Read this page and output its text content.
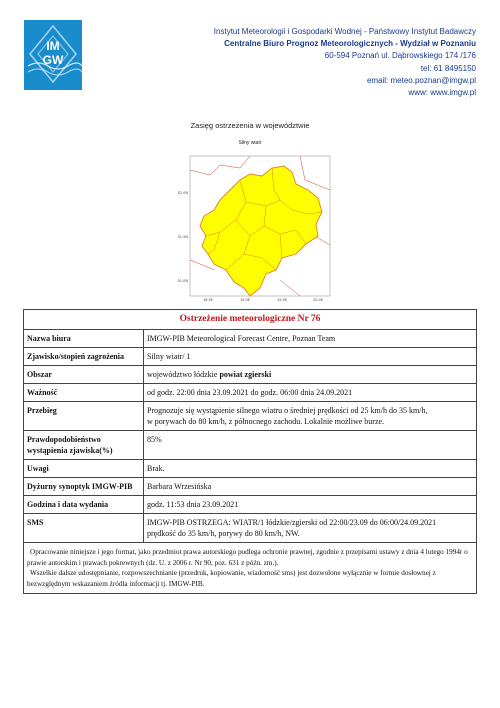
IM
GW
Instytut Meteorologii i Gospodarki Wodnej - Państwowy Instytut Badawczy
Centralne Biuro Prognoz Meteorologicznych - Wydział w Poznaniu
60-594 Poznań ul. Dąbrowskiego 174 /176
tel: 61 8495150
email: meteo.poznan@imgw.pl
www: www.imgw.pl
Zasięg ostrzeżenia w województwie
Silny wiatr
52.0N
51.5N
51.0N
18.5E	19.0E	19.5E	20.0E
Ostrzeżenie meteorologiczne Nr 76	
Nazwa biura	IMGW-PIB Meteorological Forecast Centre, Poznan Team
Zjawisko/stopień zagrożenia	Silny wiatr/ 1
Obszar	województwo łódzkie powiat zgierski
Ważność	od godz. 22:00 dnia 23.09.2021 do godz. 06:00 dnia 24.09.2021
Przebieg	Prognozuje się wystąpienie silnego wiatru o średniej prędkości od 25 km/h do 35 km/h,
w porywach do 80 km/h, z północnego zachodu. Lokalnie możliwe burze.

Prawdopodobieństwo wystąpienia zjawiska(%)	85%
Uwagi	Brak.
Dyżurny synoptyk IMGW-PIB	Barbara Wrzesińska
Godzina i data wydania	godz. 11:53 dnia 23.09.2021
SMS	IMGW-PIB OSTRZEGA: WIATR/1 łódzkie/zgierski od 22:00/23.09 do 06:00/24.09.2021
prędkość do 35 km/h, porywy do 80 km/h, NW.

Opracowanie niniejsze i jego format, jako przedmiot prawa autorskiego podlega ochronie prawnej, zgodnie z przepisami ustawy z dnia 4 lutego 1994r o prawie autorskim i prawach pokrewnych (dz. U. z 2006 r. Nr 90, poz. 631 z późn. zm.).
Wszelkie dalsze udostępnianie, rozpowszechnianie (przedruk, kopiowanie, wiadomość sms) jest dozwolone wyłącznie w formie dosłownej z bezwzględnym wskazaniem źródła informacji tj. IMGW-PIB.	
